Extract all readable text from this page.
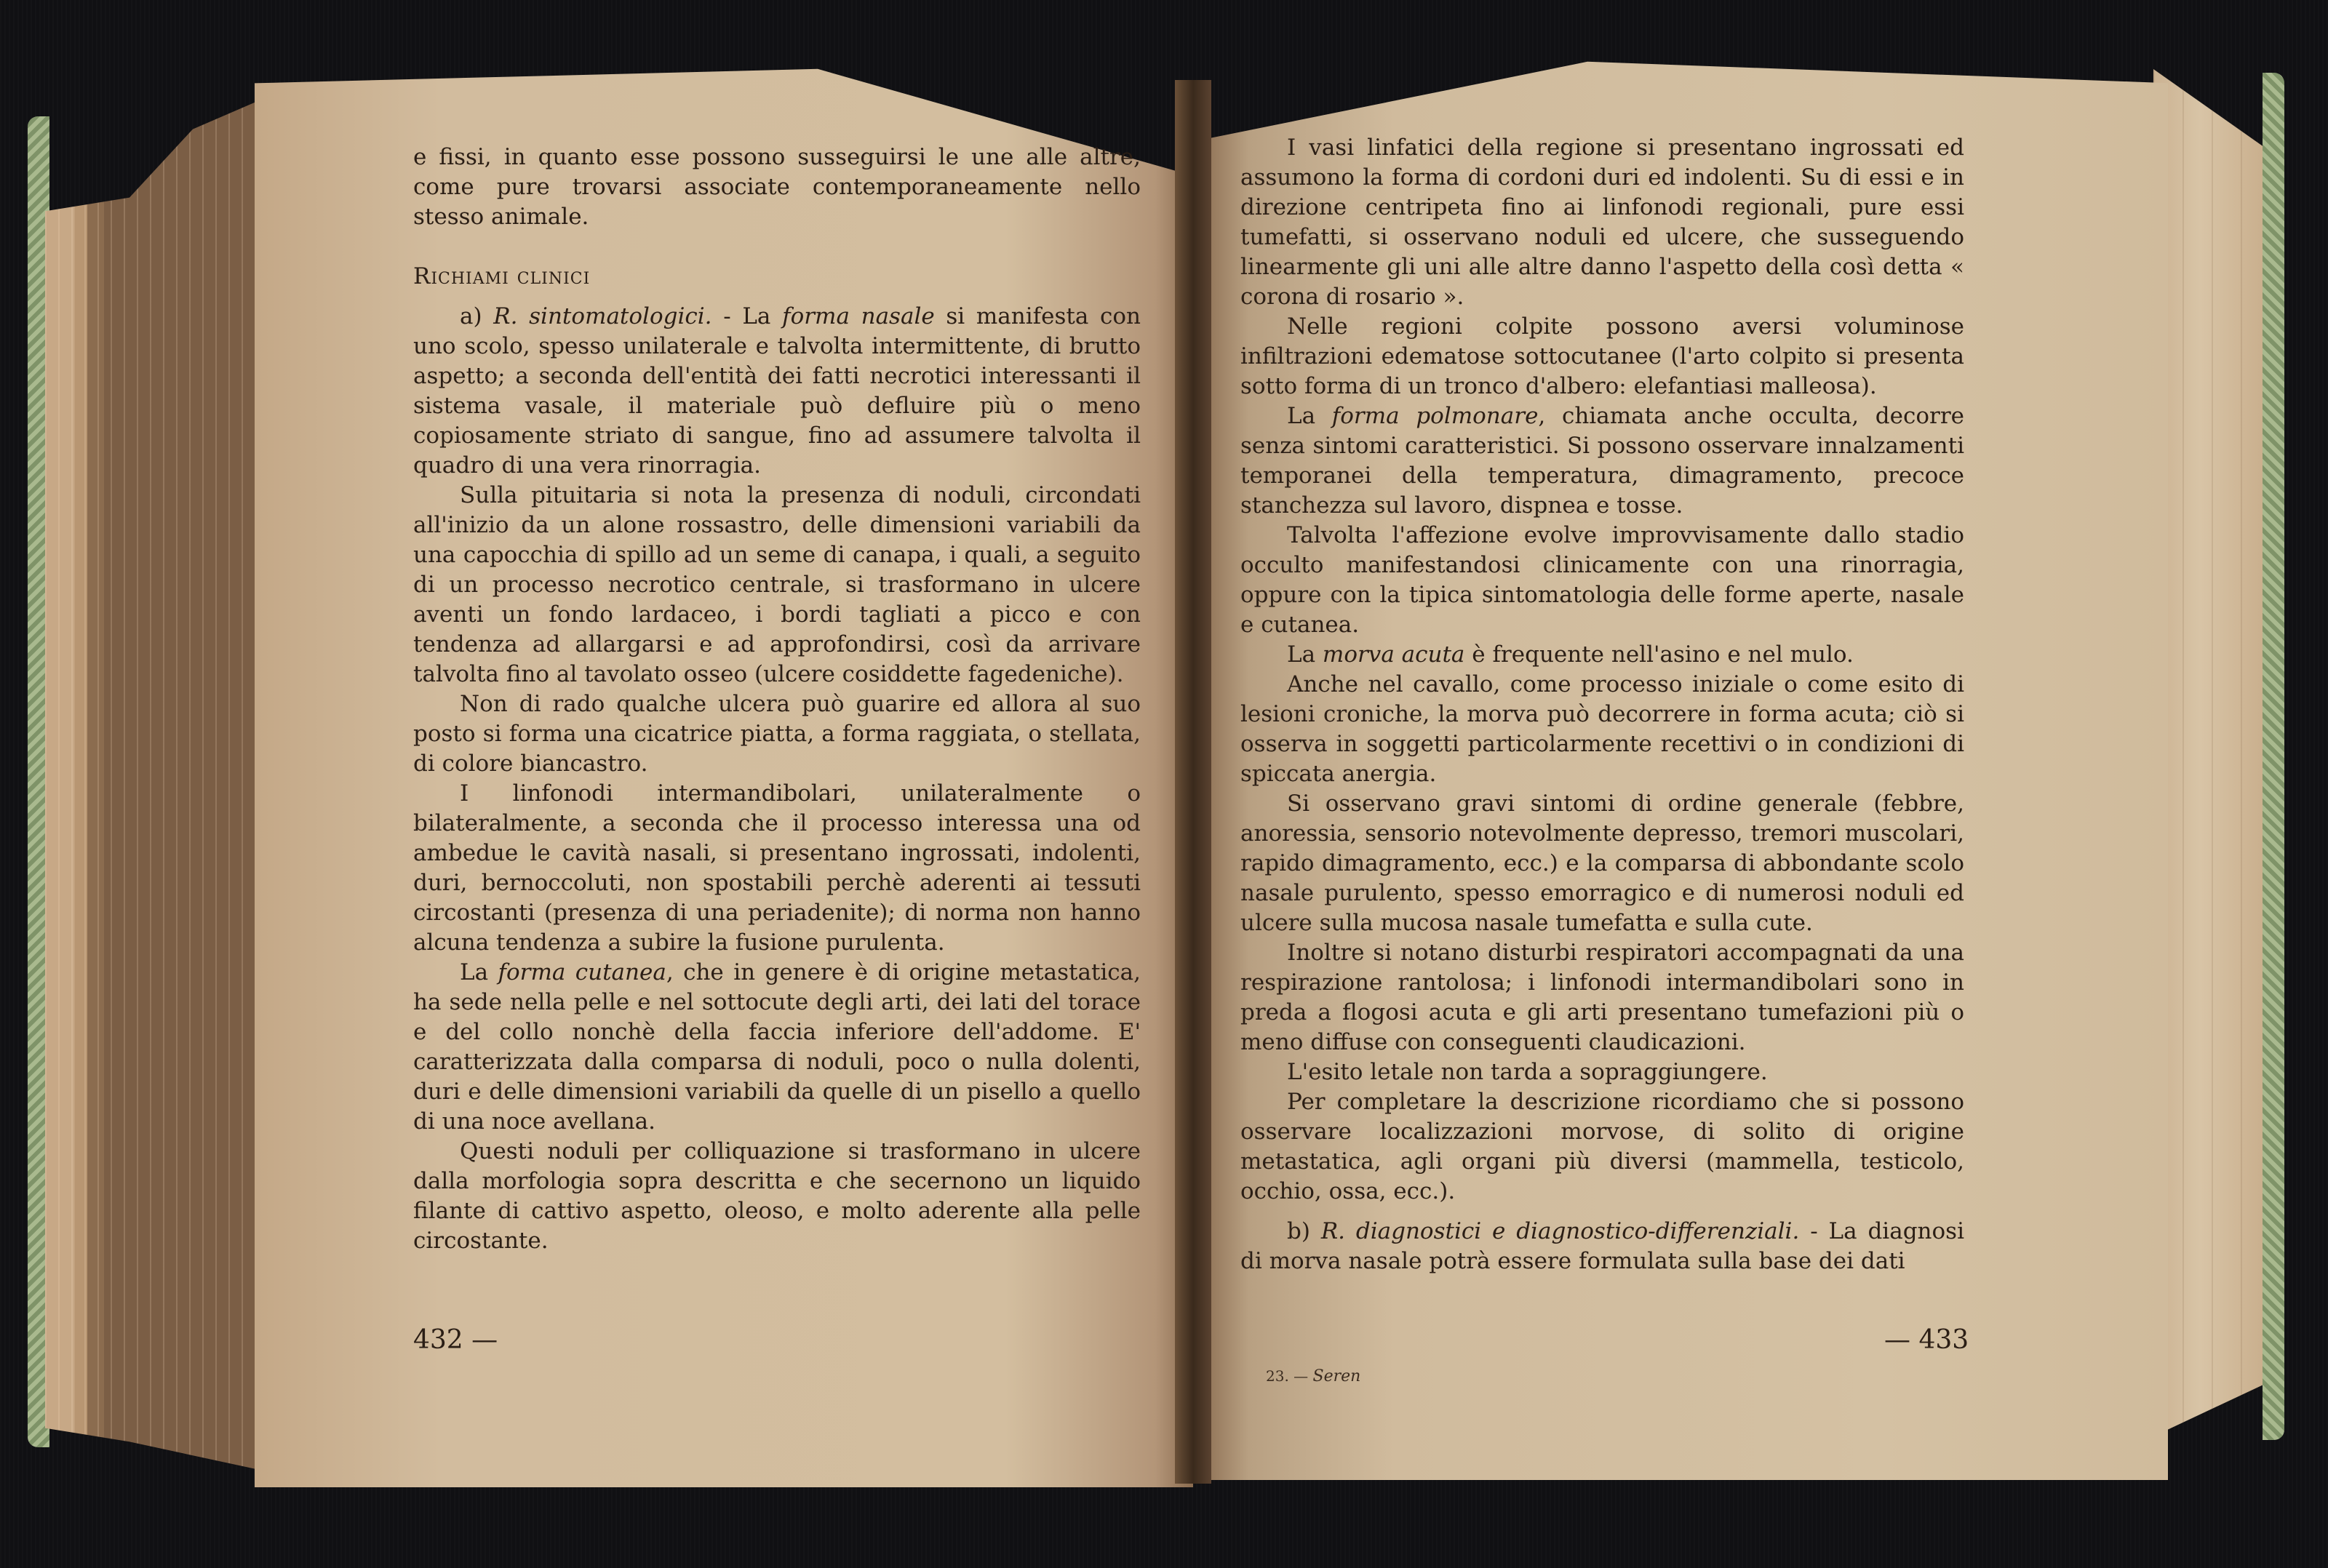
e fissi, in quanto esse possono susseguirsi le une alle altre, come pure trovarsi associate contemporaneamente nello stesso animale.

Richiami clinici

a) R. sintomatologici. - La forma nasale si manifesta con uno scolo, spesso unilaterale e talvolta intermittente, di brutto aspetto; a seconda dell'entità dei fatti necrotici interessanti il sistema vasale, il materiale può defluire più o meno copiosamente striato di sangue, fino ad assumere talvolta il quadro di una vera rinorragia.

Sulla pituitaria si nota la presenza di noduli, circondati all'inizio da un alone rossastro, delle dimensioni variabili da una capocchia di spillo ad un seme di canapa, i quali, a seguito di un processo necrotico centrale, si trasformano in ulcere aventi un fondo lardaceo, i bordi tagliati a picco e con tendenza ad allargarsi e ad approfondirsi, così da arrivare talvolta fino al tavolato osseo (ulcere cosiddette fagedeniche).

Non di rado qualche ulcera può guarire ed allora al suo posto si forma una cicatrice piatta, a forma raggiata, o stellata, di colore biancastro.

I linfonodi intermandibolari, unilateralmente o bilateralmente, a seconda che il processo interessa una od ambedue le cavità nasali, si presentano ingrossati, indolenti, duri, bernoccoluti, non spostabili perchè aderenti ai tessuti circostanti (presenza di una periadenite); di norma non hanno alcuna tendenza a subire la fusione purulenta.

La forma cutanea, che in genere è di origine metastatica, ha sede nella pelle e nel sottocute degli arti, dei lati del torace e del collo nonchè della faccia inferiore dell'addome. E' caratterizzata dalla comparsa di noduli, poco o nulla dolenti, duri e delle dimensioni variabili da quelle di un pisello a quello di una noce avellana.

Questi noduli per colliquazione si trasformano in ulcere dalla morfologia sopra descritta e che secernono un liquido filante di cattivo aspetto, oleoso, e molto aderente alla pelle circostante.

432 —

I vasi linfatici della regione si presentano ingrossati ed assumono la forma di cordoni duri ed indolenti. Su di essi e in direzione centripeta fino ai linfonodi regionali, pure essi tumefatti, si osservano noduli ed ulcere, che susseguendo linearmente gli uni alle altre danno l'aspetto della così detta « corona di rosario ».

Nelle regioni colpite possono aversi voluminose infiltrazioni edematose sottocutanee (l'arto colpito si presenta sotto forma di un tronco d'albero: elefantiasi malleosa).

La forma polmonare, chiamata anche occulta, decorre senza sintomi caratteristici. Si possono osservare innalzamenti temporanei della temperatura, dimagramento, precoce stanchezza sul lavoro, dispnea e tosse.

Talvolta l'affezione evolve improvvisamente dallo stadio occulto manifestandosi clinicamente con una rinorragia, oppure con la tipica sintomatologia delle forme aperte, nasale e cutanea.

La morva acuta è frequente nell'asino e nel mulo.

Anche nel cavallo, come processo iniziale o come esito di lesioni croniche, la morva può decorrere in forma acuta; ciò si osserva in soggetti particolarmente recettivi o in condizioni di spiccata anergia.

Si osservano gravi sintomi di ordine generale (febbre, anoressia, sensorio notevolmente depresso, tremori muscolari, rapido dimagramento, ecc.) e la comparsa di abbondante scolo nasale purulento, spesso emorragico e di numerosi noduli ed ulcere sulla mucosa nasale tumefatta e sulla cute.

Inoltre si notano disturbi respiratori accompagnati da una respirazione rantolosa; i linfonodi intermandibolari sono in preda a flogosi acuta e gli arti presentano tumefazioni più o meno diffuse con conseguenti claudicazioni.

L'esito letale non tarda a sopraggiungere.

Per completare la descrizione ricordiamo che si possono osservare localizzazioni morvose, di solito di origine metastatica, agli organi più diversi (mammella, testicolo, occhio, ossa, ecc.).

b) R. diagnostici e diagnostico-differenziali. - La diagnosi di morva nasale potrà essere formulata sulla base dei dati

— 433
23. — Seren
